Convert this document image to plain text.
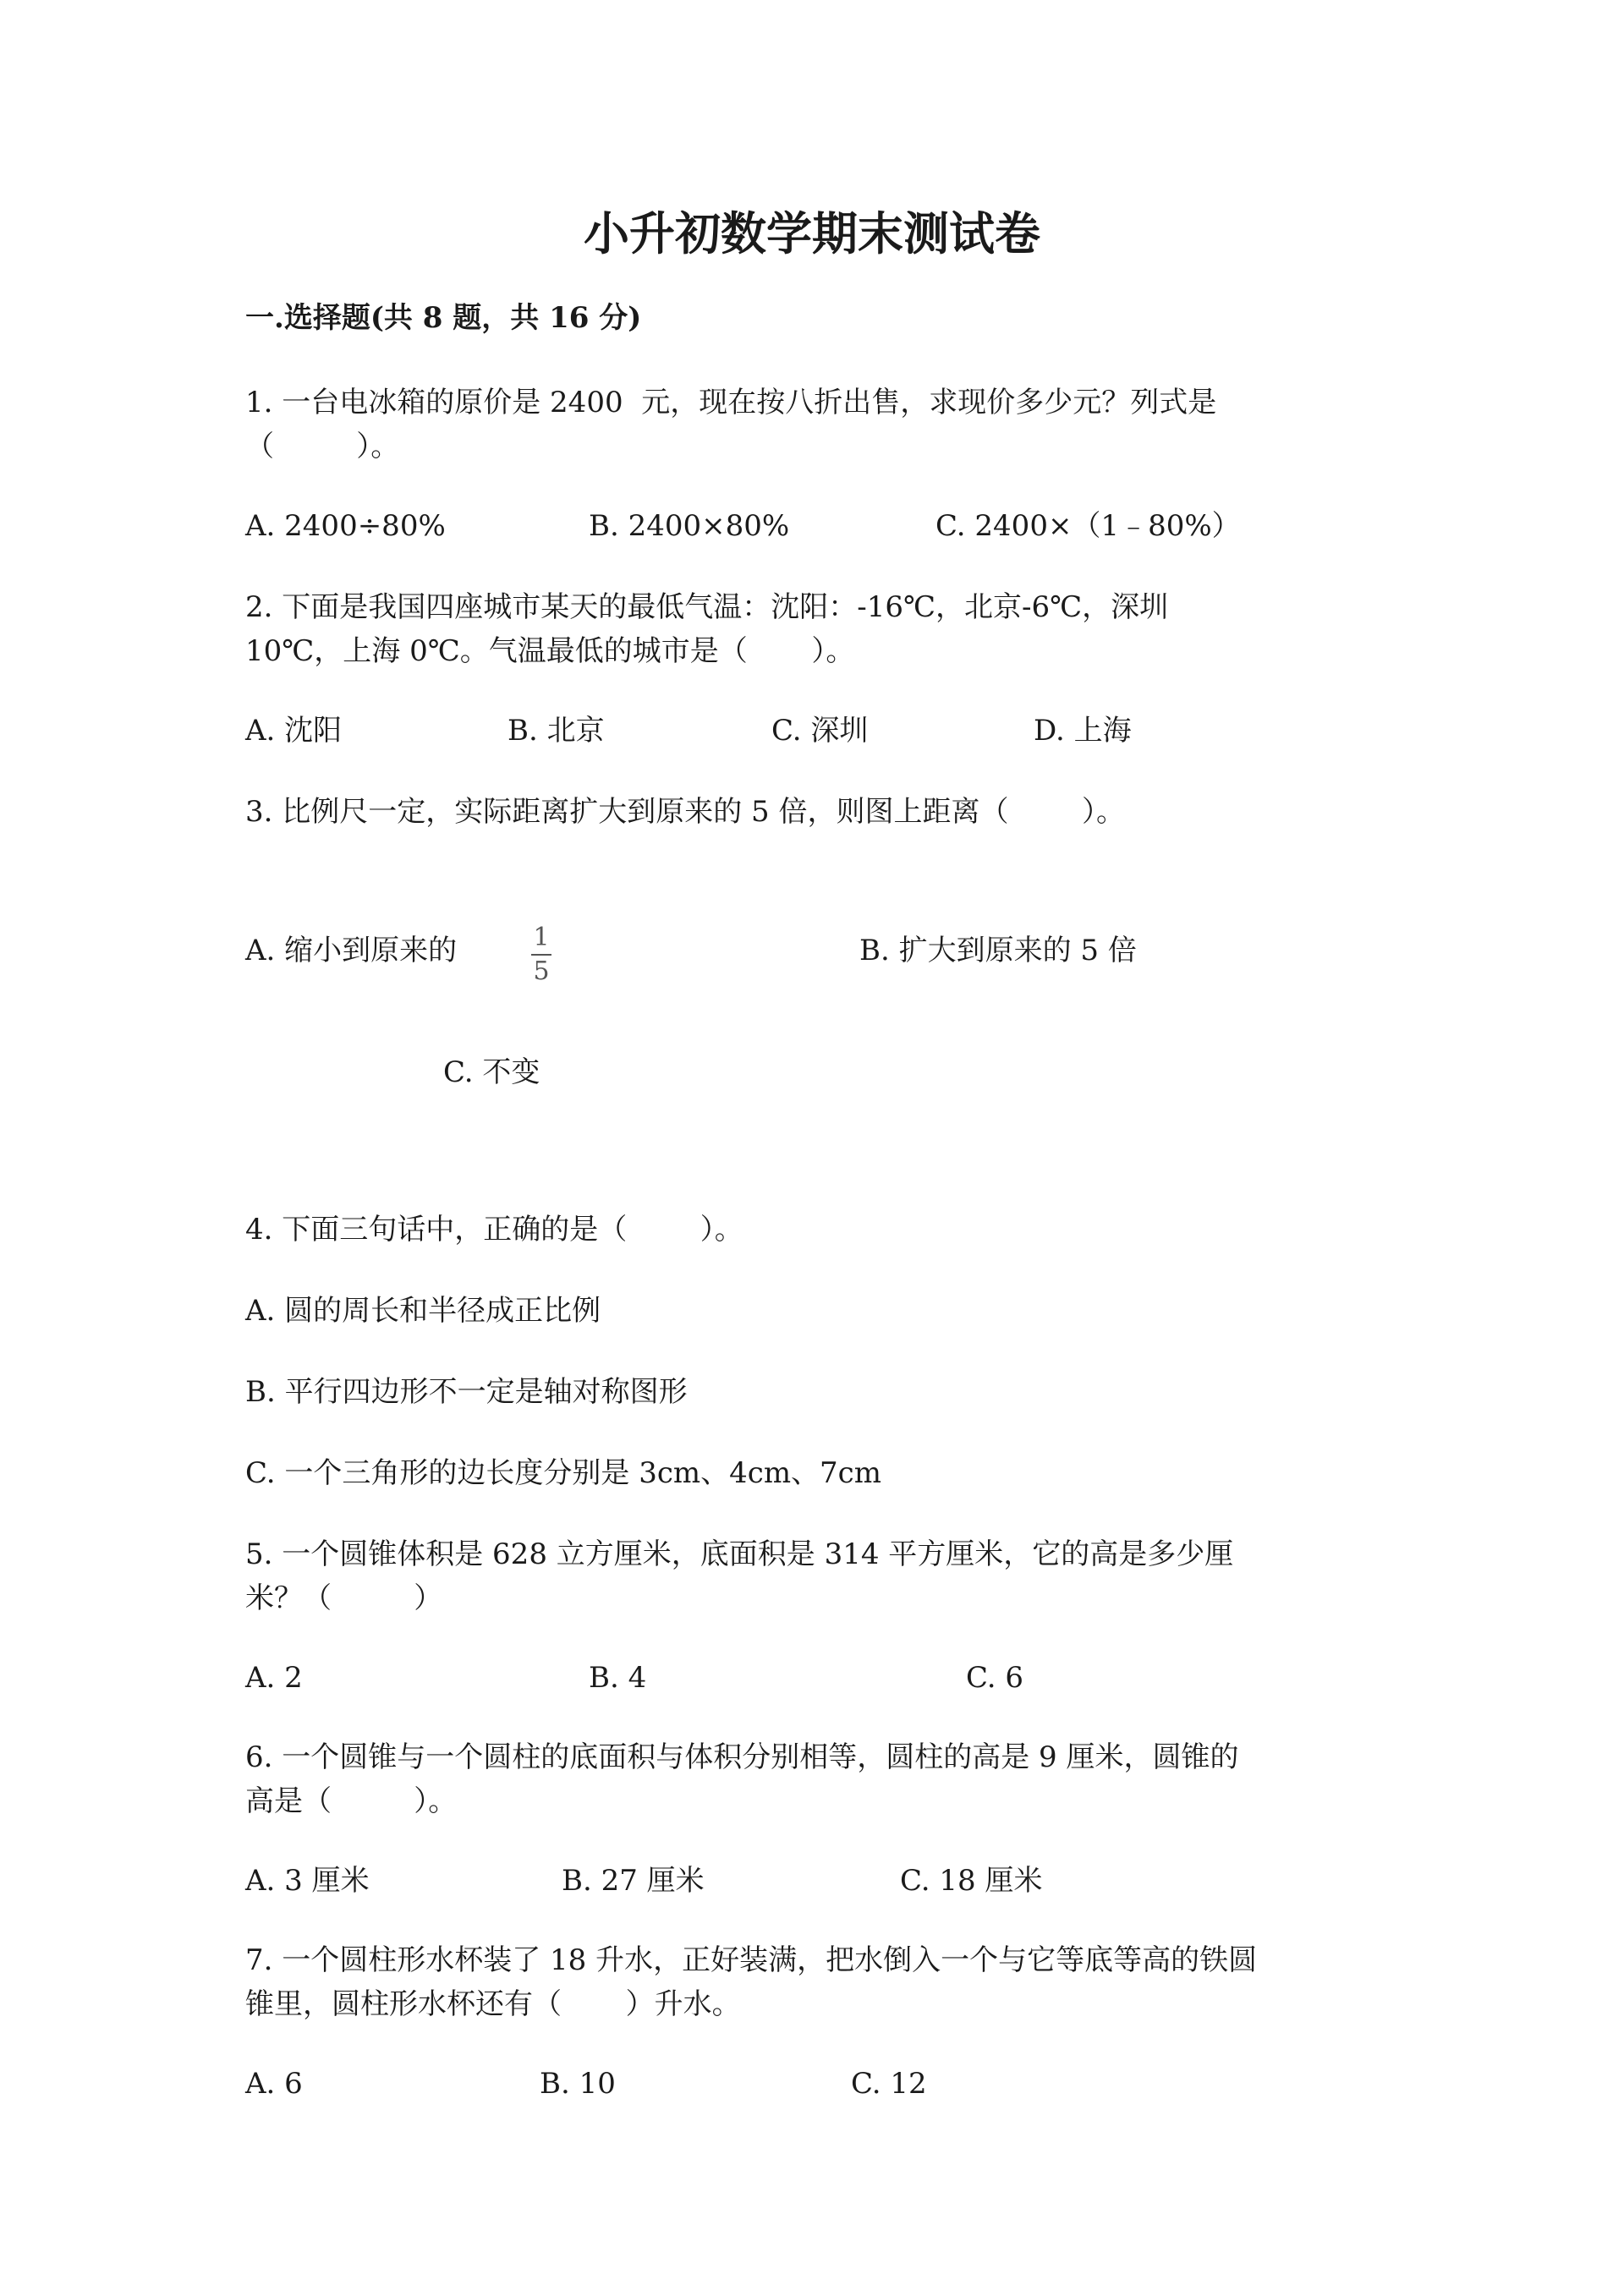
小升初数学期末测试卷
一.选择题(共 8 题，共 16 分)
1. 一台电冰箱的原价是 2400  元，现在按八折出售，求现价多少元？列式是
（         ）。
A. 2400÷80%	B. 2400×80%	C. 2400×（1﹣80%）
2. 下面是我国四座城市某天的最低气温：沈阳：-16℃，北京-6℃，深圳
10℃，上海 0℃。气温最低的城市是（       ）。
A. 沈阳	B. 北京	C. 深圳	D. 上海
3. 比例尺一定，实际距离扩大到原来的 5 倍，则图上距离（        ）。
A. 缩小到原来的	1
5
B. 扩大到原来的 5 倍
C. 不变
4. 下面三句话中，正确的是（        ）。
A. 圆的周长和半径成正比例
B. 平行四边形不一定是轴对称图形
C. 一个三角形的边长度分别是 3cm、4cm、7cm
5. 一个圆锥体积是 628 立方厘米，底面积是 314 平方厘米，它的高是多少厘
米？（         ）
A. 2	B. 4	C. 6
6. 一个圆锥与一个圆柱的底面积与体积分别相等，圆柱的高是 9 厘米，圆锥的
高是（         ）。
A. 3 厘米	B. 27 厘米	C. 18 厘米
7. 一个圆柱形水杯装了 18 升水，正好装满，把水倒入一个与它等底等高的铁圆
锥里，圆柱形水杯还有（       ）升水。
A. 6	B. 10	C. 12
